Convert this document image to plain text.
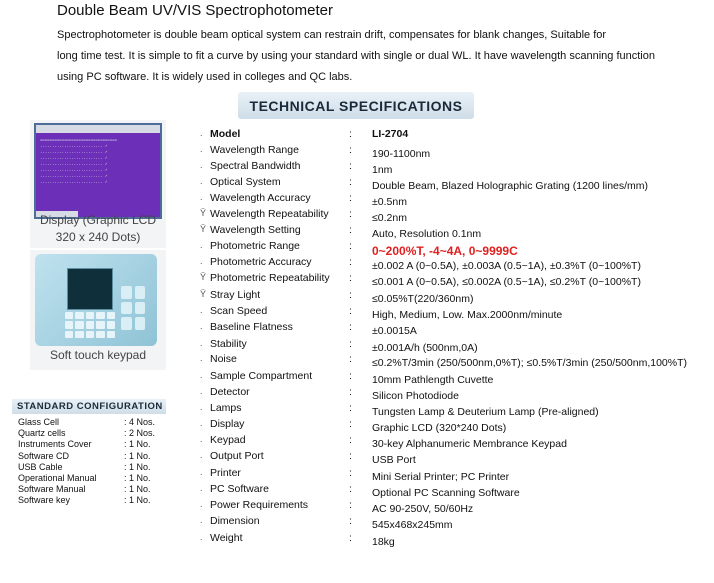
Double Beam UV/VIS Spectrophotometer
Spectrophotometer is double beam optical system can restrain drift, compensates for blank changes, Suitable for
long time test. It is simple to fit a curve by using your standard with single or dual WL. It have wavelength scanning function
using PC software. It is widely used in colleges and QC labs.
TECHNICAL SPECIFICATIONS
================================
.......................... ✓
.......................... ✓
.......................... ✓
.......................... ✓
.......................... ✓
.......................... ✓
.......................... ✓
Display (Graphic LCD
320 x 240 Dots)
Soft touch keypad
STANDARD CONFIGURATION
Glass Cell	: 4 Nos.
Quartz cells	: 2 Nos.
Instruments Cover	: 1 No.
Software CD	: 1 No.
USB Cable	: 1 No.
Operational Manual	: 1 No.
Software Manual	: 1 No.
Software key	: 1 No.
. Model	: LI-2704
. Wavelength Range	: 190-1100nm
. Spectral Bandwidth	: 1nm
. Optical System	: Double Beam, Blazed Holographic Grating (1200 lines/mm)
. Wavelength Accuracy	: ±0.5nm
Ÿ Wavelength Repeatability : ≤0.2nm
Ÿ Wavelength Setting	: Auto, Resolution 0.1nm
. Photometric Range	: 0~200%T, -4~4A, 0~9999C
. Photometric Accuracy	: ±0.002 A (0~0.5A), ±0.003A (0.5~1A), ±0.3%T (0~100%T)
Ÿ Photometric Repeatability : ≤0.001 A (0~0.5A), ≤0.002A (0.5~1A), ≤0.2%T (0~100%T)
Ÿ Stray Light	: ≤0.05%T(220/360nm)
. Scan Speed	: High, Medium, Low. Max.2000nm/minute
. Baseline Flatness	: ±0.0015A
. Stability	: ±0.001A/h (500nm,0A)
. Noise	: ≤0.2%T/3min (250/500nm,0%T); ≤0.5%T/3min (250/500nm,100%T)
. Sample Compartment	: 10mm Pathlength Cuvette
. Detector	: Silicon Photodiode
. Lamps	: Tungsten Lamp & Deuterium Lamp (Pre-aligned)
. Display	: Graphic LCD (320*240 Dots)
. Keypad	: 30-key Alphanumeric Membrance Keypad
. Output Port	: USB Port
. Printer	: Mini Serial Printer; PC Printer
. PC Software	: Optional PC Scanning Software
. Power Requirements	: AC 90-250V, 50/60Hz
. Dimension	: 545x468x245mm
. Weight	: 18kg
